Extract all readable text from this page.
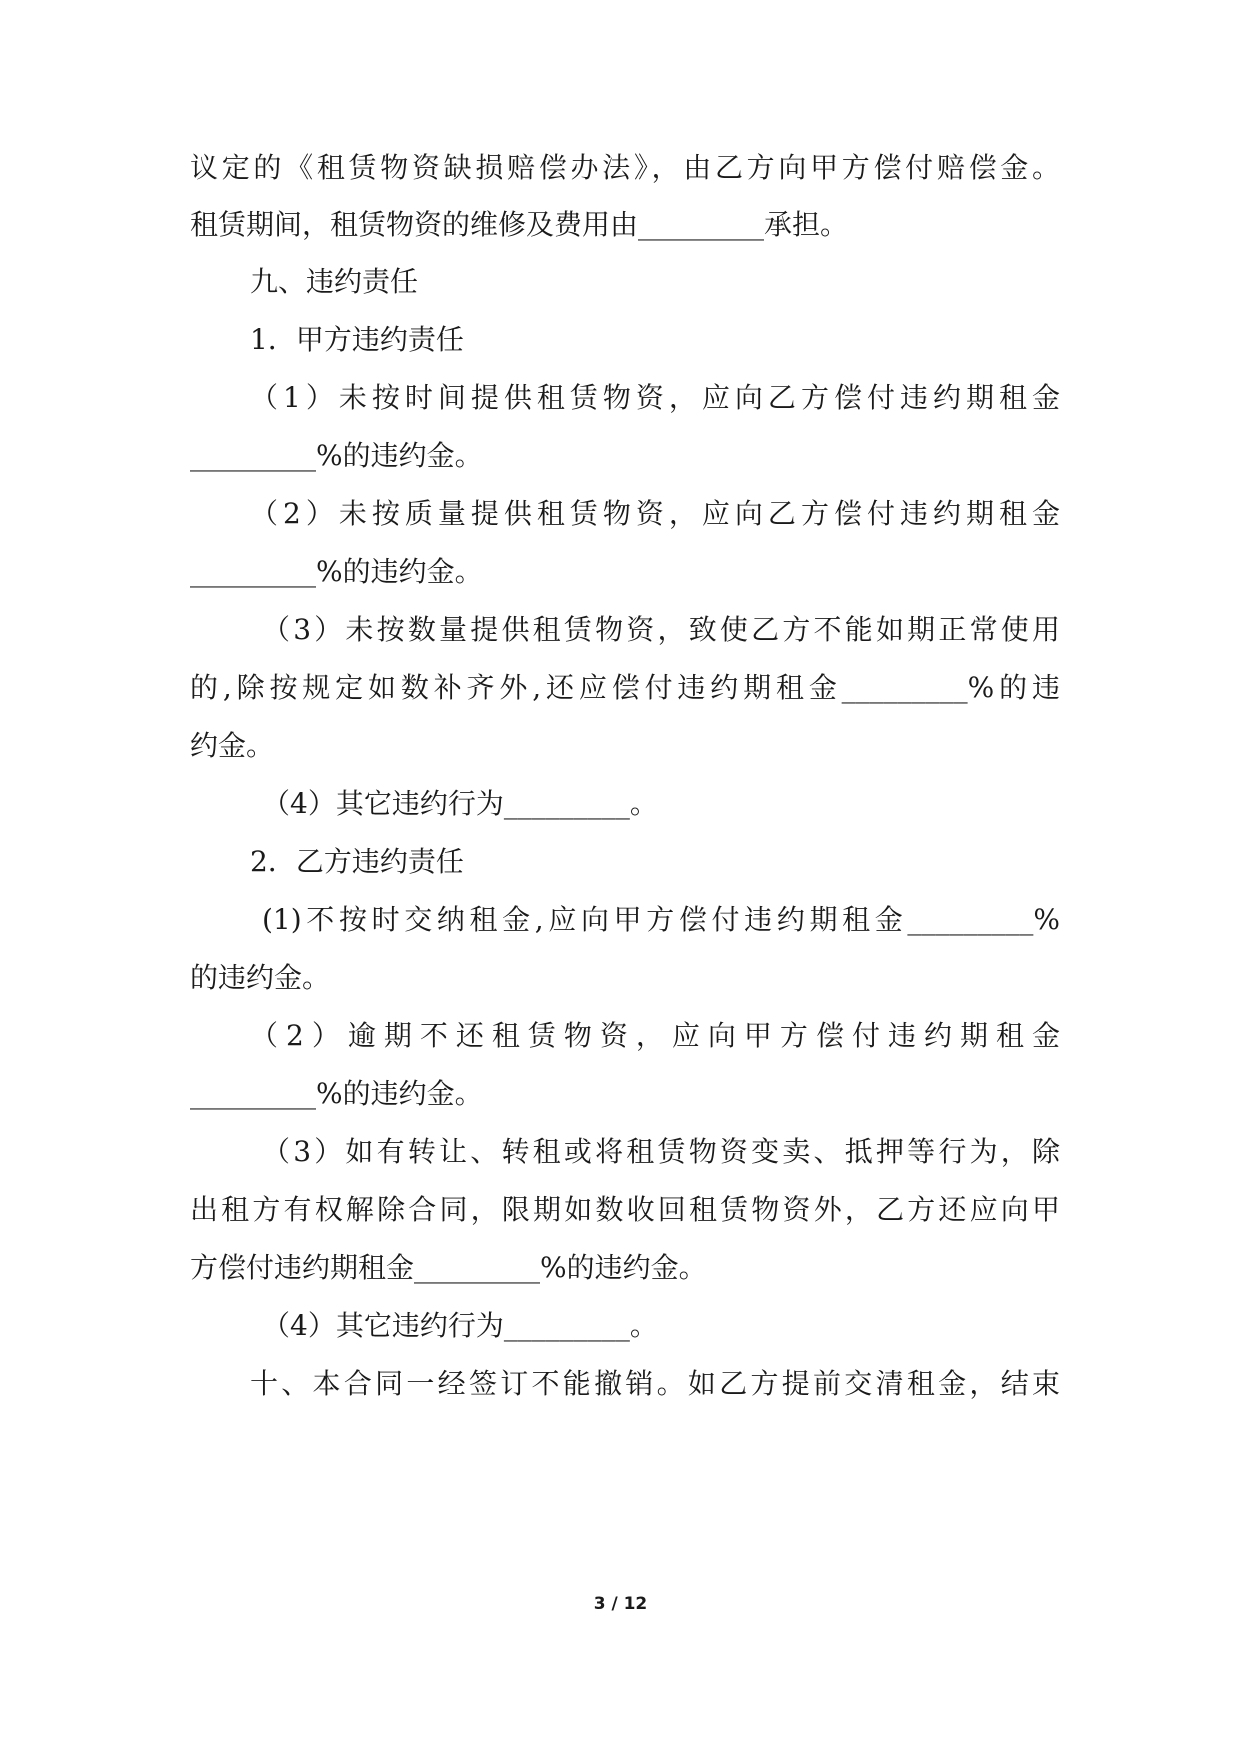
议定的《租赁物资缺损赔偿办法》，由乙方向甲方偿付赔偿金。
租赁期间，租赁物资的维修及费用由_________承担。
九、违约责任
1．甲方违约责任
（1）未按时间提供租赁物资，应向乙方偿付违约期租金
_________%的违约金。
（2）未按质量提供租赁物资，应向乙方偿付违约期租金
_________%的违约金。
（3）未按数量提供租赁物资，致使乙方不能如期正常使用
的,除按规定如数补齐外,还应偿付违约期租金_________%的违
约金。
（4）其它违约行为_________。
2．乙方违约责任
(1)不按时交纳租金,应向甲方偿付违约期租金_________%
的违约金。
（2）逾期不还租赁物资，应向甲方偿付违约期租金
_________%的违约金。
（3）如有转让、转租或将租赁物资变卖、抵押等行为，除
出租方有权解除合同，限期如数收回租赁物资外，乙方还应向甲
方偿付违约期租金_________%的违约金。
（4）其它违约行为_________。
十、本合同一经签订不能撤销。如乙方提前交清租金，结束
3 / 12
